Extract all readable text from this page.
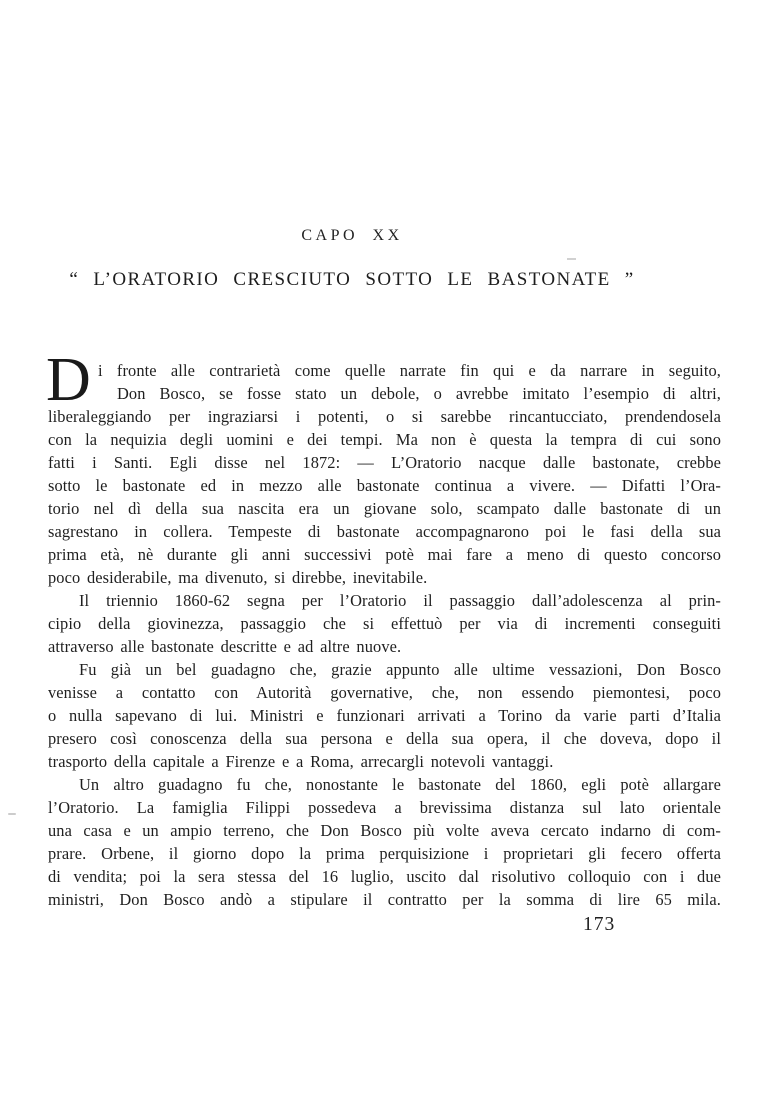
CAPO XX
“ L’ORATORIO CRESCIUTO SOTTO LE BASTONATE ”
D i fronte alle contrarietà come quelle narrate fin qui e da narrare in seguito,
Don Bosco, se fosse stato un debole, o avrebbe imitato l’esempio di altri,
liberaleggiando per ingraziarsi i potenti, o si sarebbe rincantucciato, prendendosela
con la nequizia degli uomini e dei tempi. Ma non è questa la tempra di cui sono
fatti i Santi. Egli disse nel 1872: — L’Oratorio nacque dalle bastonate, crebbe
sotto le bastonate ed in mezzo alle bastonate continua a vivere. — Difatti l’Ora-
torio nel dì della sua nascita era un giovane solo, scampato dalle bastonate di un
sagrestano in collera. Tempeste di bastonate accompagnarono poi le fasi della sua
prima età, nè durante gli anni successivi potè mai fare a meno di questo concorso
poco desiderabile, ma divenuto, si direbbe, inevitabile.
Il triennio 1860-62 segna per l’Oratorio il passaggio dall’adolescenza al prin-
cipio della giovinezza, passaggio che si effettuò per via di incrementi conseguiti
attraverso alle bastonate descritte e ad altre nuove.
Fu già un bel guadagno che, grazie appunto alle ultime vessazioni, Don Bosco
venisse a contatto con Autorità governative, che, non essendo piemontesi, poco
o nulla sapevano di lui. Ministri e funzionari arrivati a Torino da varie parti d’Italia
presero così conoscenza della sua persona e della sua opera, il che doveva, dopo il
trasporto della capitale a Firenze e a Roma, arrecargli notevoli vantaggi.
Un altro guadagno fu che, nonostante le bastonate del 1860, egli potè allargare
l’Oratorio. La famiglia Filippi possedeva a brevissima distanza sul lato orientale
una casa e un ampio terreno, che Don Bosco più volte aveva cercato indarno di com-
prare. Orbene, il giorno dopo la prima perquisizione i proprietari gli fecero offerta
di vendita; poi la sera stessa del 16 luglio, uscito dal risolutivo colloquio con i due
ministri, Don Bosco andò a stipulare il contratto per la somma di lire 65 mila.
173
